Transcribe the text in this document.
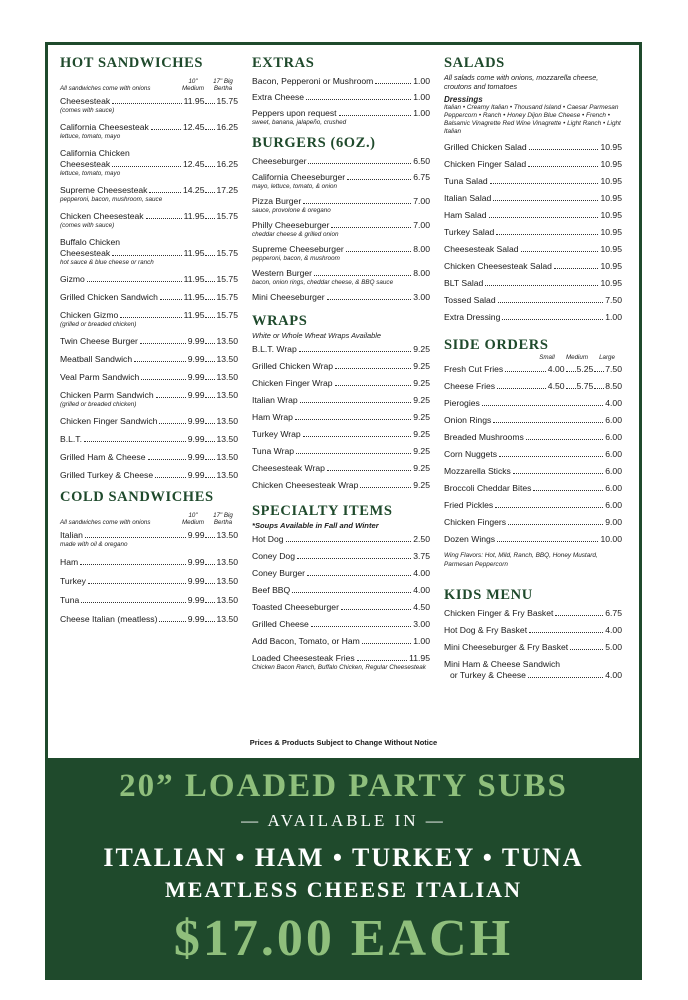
HOT SANDWICHES
All sandwiches come with onions
10" Medium
17" Big Bertha
Cheesesteak	11.95 15.75
(comes with sauce)
California Cheesesteak	12.45 16.25
lettuce, tomato, mayo
California Chicken
Cheesesteak	12.45 16.25
lettuce, tomato, mayo
Supreme Cheesesteak	14.25 17.25
pepperoni, bacon, mushroom, sauce
Chicken Cheesesteak	11.95 15.75
(comes with sauce)
Buffalo Chicken
Cheesesteak	11.95 15.75
hot sauce & blue cheese or ranch
Gizmo	11.95 15.75
Grilled Chicken Sandwich	11.95 15.75
Chicken Gizmo	11.95 15.75
(grilled or breaded chicken)
Twin Cheese Burger	9.99 13.50
Meatball Sandwich	9.99 13.50
Veal Parm Sandwich	9.99 13.50
Chicken Parm Sandwich	9.99 13.50
(grilled or breaded chicken)
Chicken Finger Sandwich	9.99 13.50
B.L.T.	9.99 13.50
Grilled Ham & Cheese	9.99 13.50
Grilled Turkey & Cheese	9.99 13.50
COLD SANDWICHES
All sandwiches come with onions
10" Medium
17" Big Bertha
Italian	9.99 13.50
made with oil & oregano
Ham	9.99 13.50
Turkey	9.99 13.50
Tuna	9.99 13.50
Cheese Italian (meatless)	9.99 13.50
EXTRAS
Bacon, Pepperoni or Mushroom	1.00
Extra Cheese	1.00
Peppers upon request	1.00
sweet, banana, jalapeño, crushed
BURGERS (6OZ.)
Cheeseburger	6.50
California Cheeseburger	6.75
mayo, lettuce, tomato, & onion
Pizza Burger	7.00
sauce, provolone & oregano
Philly Cheeseburger	7.00
cheddar cheese & grilled onion
Supreme Cheeseburger	8.00
pepperoni, bacon, & mushroom
Western Burger	8.00
bacon, onion rings, cheddar cheese, & BBQ sauce
Mini Cheeseburger	3.00
WRAPS
White or Whole Wheat Wraps Available
B.L.T. Wrap	9.25
Grilled Chicken Wrap	9.25
Chicken Finger Wrap	9.25
Italian Wrap	9.25
Ham Wrap	9.25
Turkey Wrap	9.25
Tuna Wrap	9.25
Cheesesteak Wrap	9.25
Chicken Cheesesteak Wrap	9.25
SPECIALTY ITEMS
*Soups Available in Fall and Winter
Hot Dog	2.50
Coney Dog	3.75
Coney Burger	4.00
Beef BBQ	4.00
Toasted Cheeseburger	4.50
Grilled Cheese	3.00
Add Bacon, Tomato, or Ham	1.00
Loaded Cheesesteak Fries	11.95
Chicken Bacon Ranch, Buffalo Chicken, Regular Cheesesteak
SALADS
All salads come with onions, mozzarella cheese, croutons and tomatoes
Dressings
Italian • Creamy Italian • Thousand Island • Caesar Parmesan Peppercorn • Ranch • Honey Dijon Blue Cheese • French • Balsamic Vinagrette Red Wine Vinagrette • Light Ranch • Light Italian
Grilled Chicken Salad	10.95
Chicken Finger Salad	10.95
Tuna Salad	10.95
Italian Salad	10.95
Ham Salad	10.95
Turkey Salad	10.95
Cheesesteak Salad	10.95
Chicken Cheesesteak Salad	10.95
BLT Salad	10.95
Tossed Salad	7.50
Extra Dressing	1.00
SIDE ORDERS
Small	Medium	Large
Fresh Cut Fries	4.00 5.25 7.50
Cheese Fries	4.50 5.75 8.50
Pierogies	4.00
Onion Rings	6.00
Breaded Mushrooms	6.00
Corn Nuggets	6.00
Mozzarella Sticks	6.00
Broccoli Cheddar Bites	6.00
Fried Pickles	6.00
Chicken Fingers	9.00
Dozen Wings	10.00
Wing Flavors: Hot, Mild, Ranch, BBQ, Honey Mustard, Parmesan Peppercorn
KIDS MENU
Chicken Finger & Fry Basket	6.75
Hot Dog & Fry Basket	4.00
Mini Cheeseburger & Fry Basket	5.00
Mini Ham & Cheese Sandwich
or Turkey & Cheese	4.00
Prices & Products Subject to Change Without Notice
20” LOADED PARTY SUBS
— AVAILABLE IN —
ITALIAN • HAM • TURKEY • TUNA
MEATLESS CHEESE ITALIAN
$17.00 EACH
